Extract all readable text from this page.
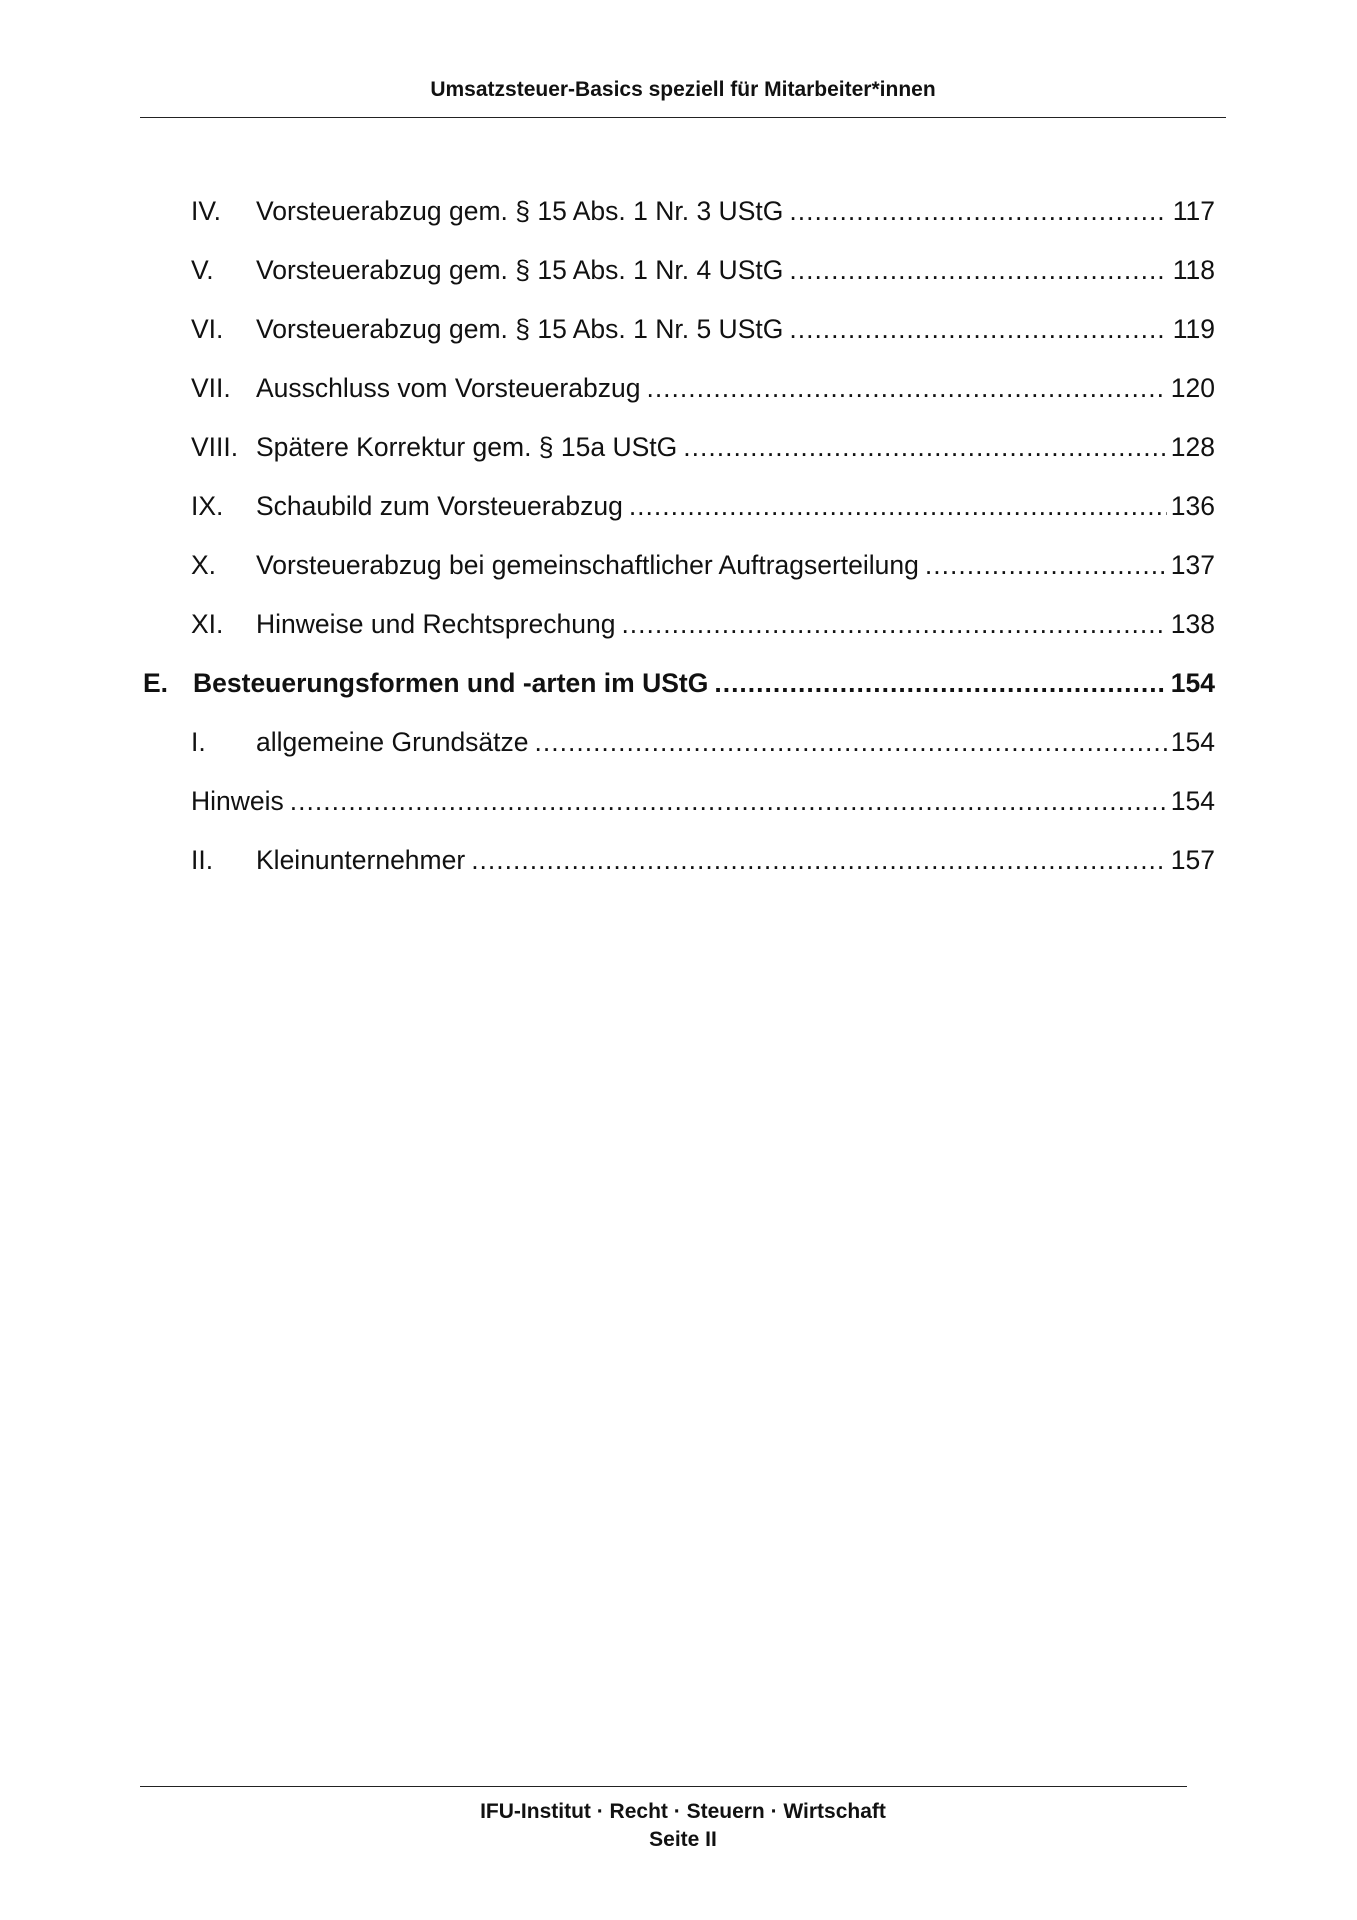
Umsatzsteuer-Basics speziell für Mitarbeiter*innen
IV.	Vorsteuerabzug gem. § 15 Abs. 1 Nr. 3 UStG .....	117
V.	Vorsteuerabzug gem. § 15 Abs. 1 Nr. 4 UStG .....	118
VI.	Vorsteuerabzug gem. § 15 Abs. 1 Nr. 5 UStG .....	119
VII. Ausschluss vom Vorsteuerabzug .....	120
VIII. Spätere Korrektur gem. § 15a UStG .....	128
IX.	Schaubild zum Vorsteuerabzug .....	136
X.	Vorsteuerabzug bei gemeinschaftlicher Auftragserteilung .....	137
XI.	Hinweise und Rechtsprechung .....	138
E. Besteuerungsformen und -arten im UStG .....	154
I.	allgemeine Grundsätze .....	154
Hinweis .....	154
II.	Kleinunternehmer .....	157
IFU-Institut · Recht · Steuern · Wirtschaft
Seite II
